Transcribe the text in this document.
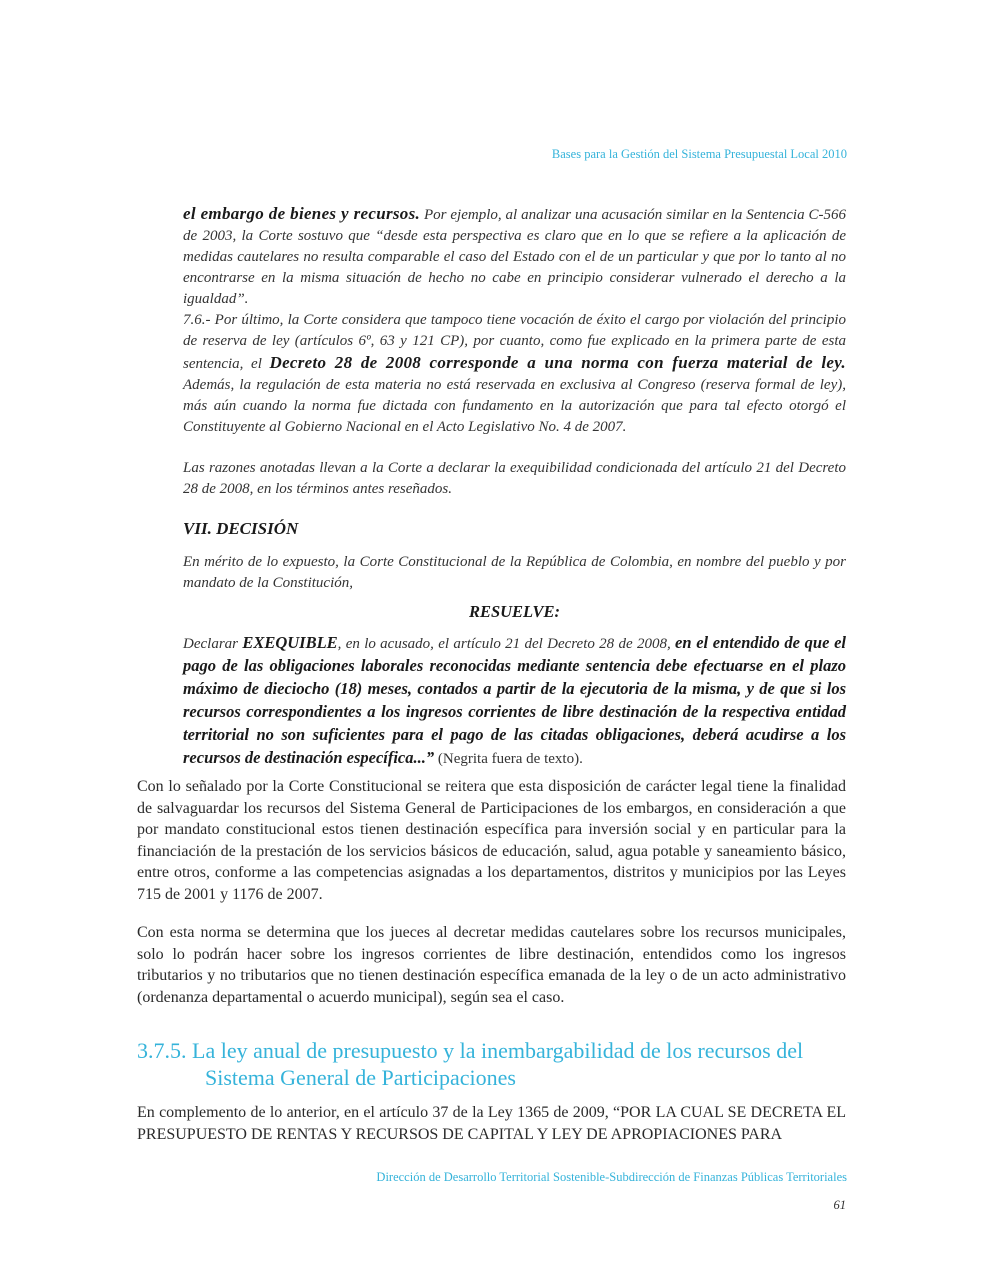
Bases para la Gestión del Sistema Presupuestal Local 2010
el embargo de bienes y recursos. Por ejemplo, al analizar una acusación similar en la Sentencia C-566 de 2003, la Corte sostuvo que “desde esta perspectiva es claro que en lo que se refiere a la aplicación de medidas cautelares no resulta comparable el caso del Estado con el de un particular y que por lo tanto al no encontrarse en la misma situación de hecho no cabe en principio considerar vulnerado el derecho a la igualdad”.
7.6.- Por último, la Corte considera que tampoco tiene vocación de éxito el cargo por violación del principio de reserva de ley (artículos 6º, 63 y 121 CP), por cuanto, como fue explicado en la primera parte de esta sentencia, el Decreto 28 de 2008 corresponde a una norma con fuerza material de ley. Además, la regulación de esta materia no está reservada en exclusiva al Congreso (reserva formal de ley), más aún cuando la norma fue dictada con fundamento en la autorización que para tal efecto otorgó el Constituyente al Gobierno Nacional en el Acto Legislativo No. 4 de 2007.
Las razones anotadas llevan a la Corte a declarar la exequibilidad condicionada del artículo 21 del Decreto 28 de 2008, en los términos antes reseñados.
VII. DECISIÓN
En mérito de lo expuesto, la Corte Constitucional de la República de Colombia, en nombre del pueblo y por mandato de la Constitución,
RESUELVE:
Declarar EXEQUIBLE, en lo acusado, el artículo 21 del Decreto 28 de 2008, en el entendido de que el pago de las obligaciones laborales reconocidas mediante sentencia debe efectuarse en el plazo máximo de dieciocho (18) meses, contados a partir de la ejecutoria de la misma, y de que si los recursos correspondientes a los ingresos corrientes de libre destinación de la respectiva entidad territorial no son suficientes para el pago de las citadas obligaciones, deberá acudirse a los recursos de destinación específica...” (Negrita fuera de texto).
Con lo señalado por la Corte Constitucional se reitera que esta disposición de carácter legal tiene la finalidad de salvaguardar los recursos del Sistema General de Participaciones de los embargos, en consideración a que por mandato constitucional estos tienen destinación específica para inversión social y en particular para la financiación de la prestación de los servicios básicos de educación, salud, agua potable y saneamiento básico, entre otros, conforme a las competencias asignadas a los departamentos, distritos y municipios por las Leyes 715 de 2001 y 1176 de 2007.
Con esta norma se determina que los jueces al decretar medidas cautelares sobre los recursos municipales, solo lo podrán hacer sobre los ingresos corrientes de libre destinación, entendidos como los ingresos tributarios y no tributarios que no tienen destinación específica emanada de la ley o de un acto administrativo (ordenanza departamental o acuerdo municipal), según sea el caso.
3.7.5. La ley anual de presupuesto y la inembargabilidad de los recursos del
Sistema General de Participaciones
En complemento de lo anterior, en el artículo 37 de la Ley 1365 de 2009, “POR LA CUAL SE DECRETA EL PRESUPUESTO DE RENTAS Y RECURSOS DE CAPITAL Y LEY DE APROPIACIONES PARA
Dirección de Desarrollo Territorial Sostenible-Subdirección de Finanzas Públicas Territoriales
61
